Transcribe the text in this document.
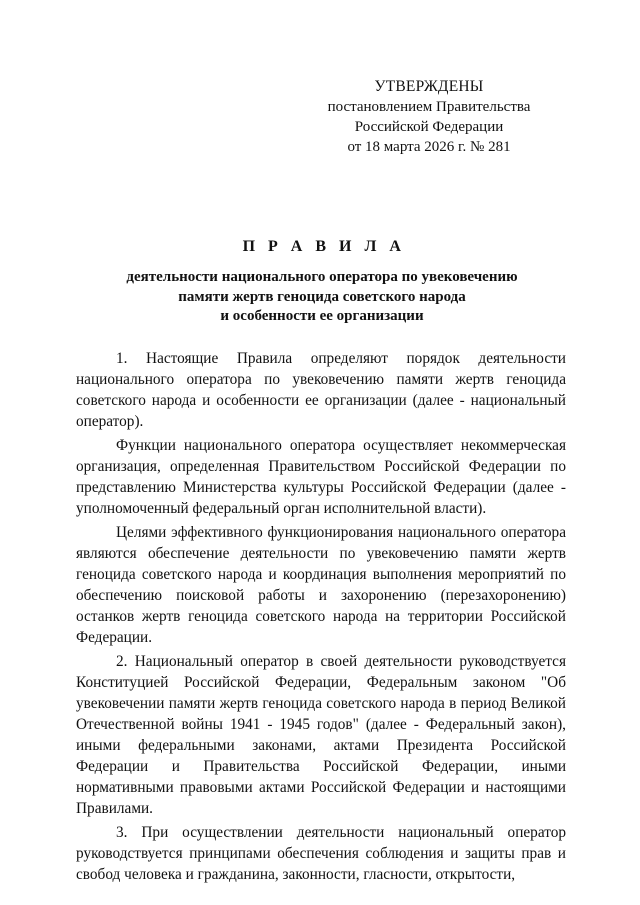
УТВЕРЖДЕНЫ
постановлением Правительства
Российской Федерации
от 18 марта 2026 г. № 281
П Р А В И Л А
деятельности национального оператора по увековечению
памяти жертв геноцида советского народа
и особенности ее организации

1. Настоящие Правила определяют порядок деятельности национального оператора по увековечению памяти жертв геноцида советского народа и особенности ее организации (далее - национальный оператор).

Функции национального оператора осуществляет некоммерческая организация, определенная Правительством Российской Федерации по представлению Министерства культуры Российской Федерации (далее - уполномоченный федеральный орган исполнительной власти).

Целями эффективного функционирования национального оператора являются обеспечение деятельности по увековечению памяти жертв геноцида советского народа и координация выполнения мероприятий по обеспечению поисковой работы и захоронению (перезахоронению) останков жертв геноцида советского народа на территории Российской Федерации.

2. Национальный оператор в своей деятельности руководствуется Конституцией Российской Федерации, Федеральным законом "Об увековечении памяти жертв геноцида советского народа в период Великой Отечественной войны 1941 - 1945 годов" (далее - Федеральный закон), иными федеральными законами, актами Президента Российской Федерации и Правительства Российской Федерации, иными нормативными правовыми актами Российской Федерации и настоящими Правилами.

3. При осуществлении деятельности национальный оператор руководствуется принципами обеспечения соблюдения и защиты прав и свобод человека и гражданина, законности, гласности, открытости,
